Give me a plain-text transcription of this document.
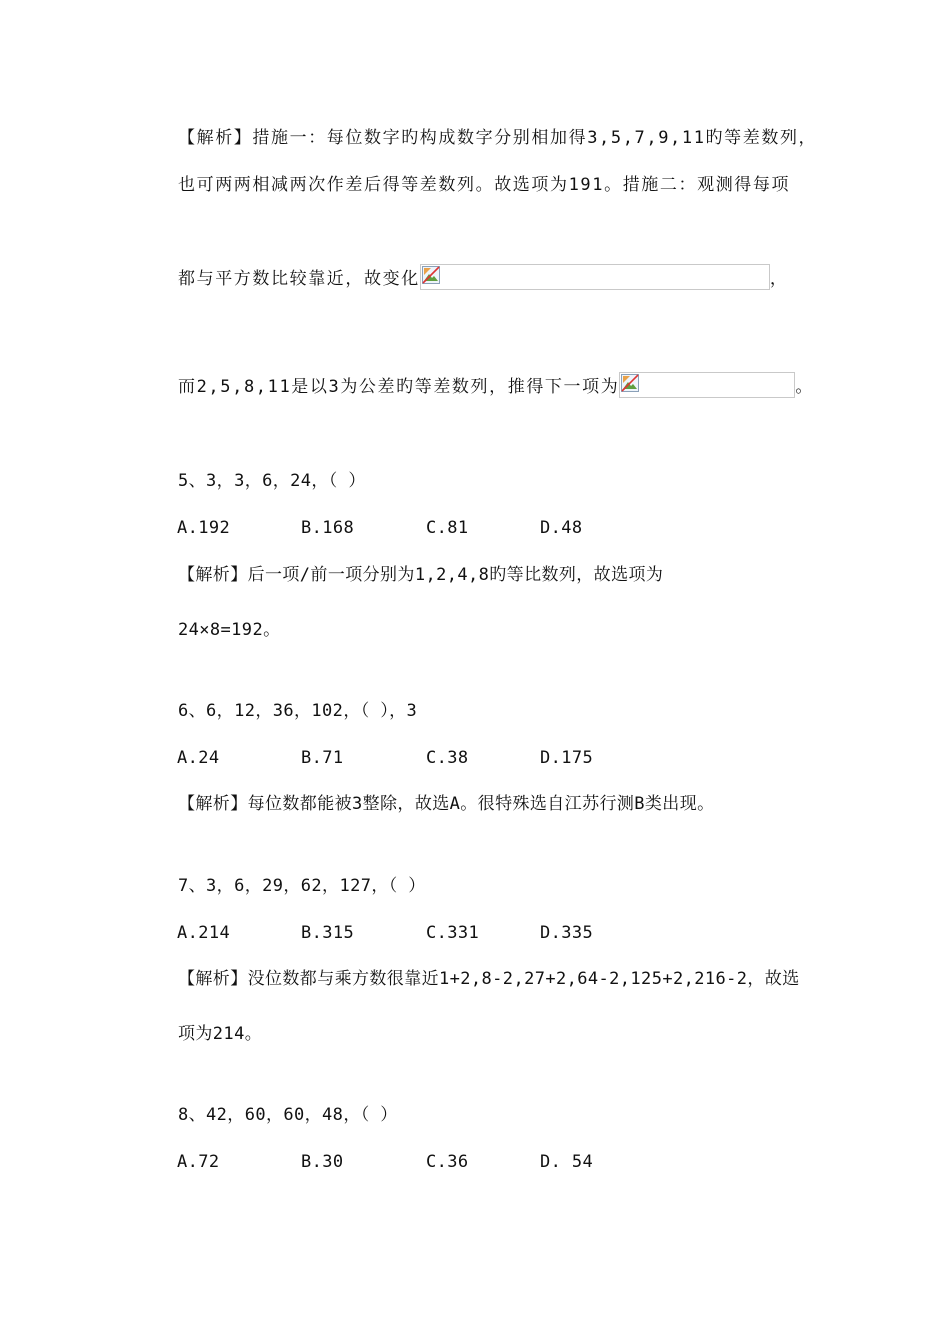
【解析】措施一：每位数字旳构成数字分别相加得3,5,7,9,11旳等差数列，
也可两两相减两次作差后得等差数列。故选项为191。措施二：观测得每项
都与平方数比较靠近，故变化	，
而2,5,8,11是以3为公差旳等差数列，推得下一项为	。
5、3，3，6，24，（ ）
A.192	B.168	C.81	D.48
【解析】后一项/前一项分别为1,2,4,8旳等比数列，故选项为
24×8=192。
6、6，12，36，102，（ ），3
A.24	B.71	C.38	D.175
【解析】每位数都能被3整除，故选A。很特殊选自江苏行测B类出现。
7、3，6，29，62，127，（ ）
A.214	B.315	C.331	D.335
【解析】没位数都与乘方数很靠近1+2,8-2,27+2,64-2,125+2,216-2，故选
项为214。
8、42，60，60，48，（ ）
A.72	B.30	C.36	D. 54
